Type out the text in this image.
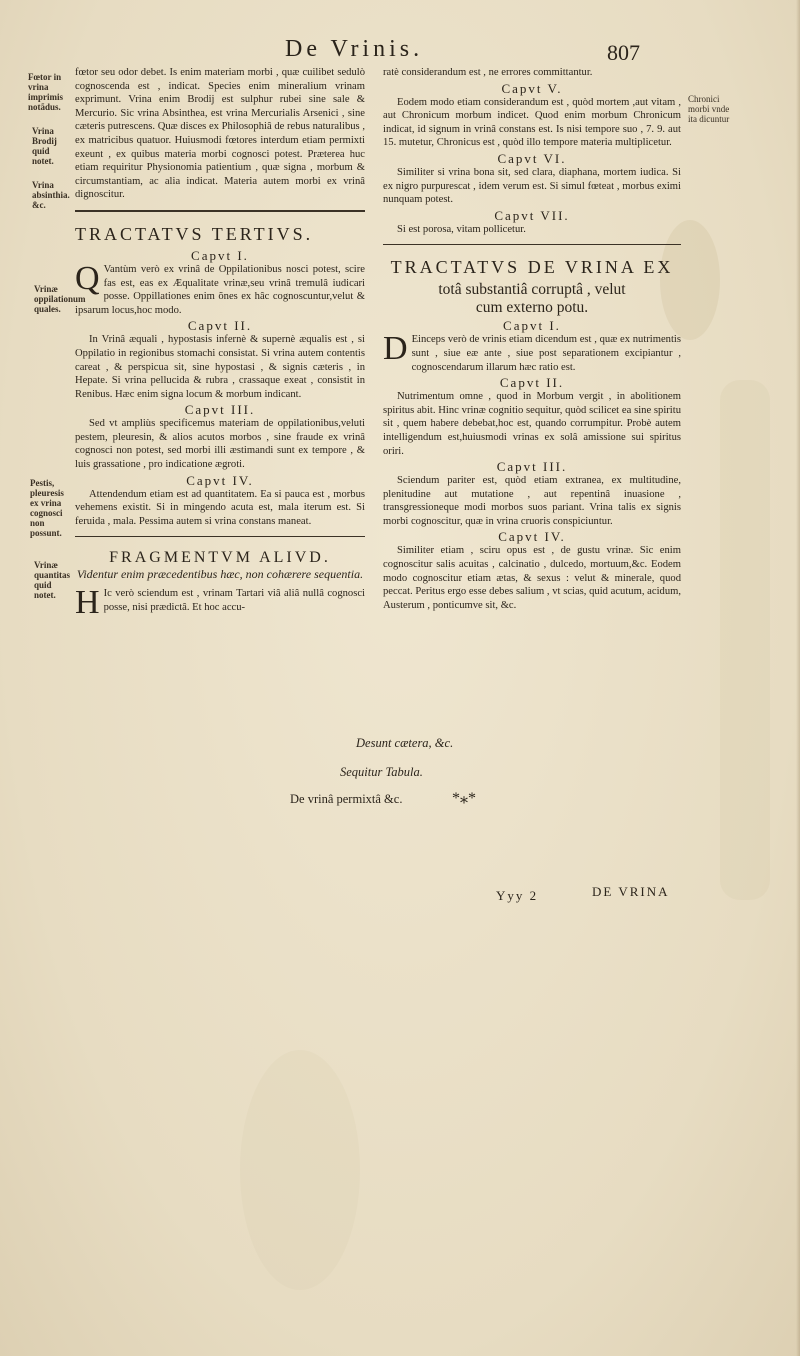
De Vrinis.	807
Fœtor in vrina imprimis notãdus.
Vrina Brodij quid notet.
Vrina absinthia. &c.
Vrinæ oppilationum quales.
Pestis, pleuresis ex vrina cognosci non possunt.
Vrinæ quantitas quid notet.
Chronici morbi vnde ita dicuntur

fœtor seu odor debet. Is enim materiam morbi , quæ cuilibet sedulò cognoscenda est , indicat. Species enim mineralium vrinam exprimunt. Vrina enim Brodij est sulphur rubei sine sale & Mercurio. Sic vrina Absinthea, est vrina Mercurialis Arsenici , sine cæteris putrescens. Quæ disces ex Philosophiâ de rebus naturalibus , ex matricibus quatuor. Huiusmodi fœtores interdum etiam permixti exeunt , ex quibus materia morbi cognosci potest. Præterea huc etiam requiritur Physionomia patientium , quæ signa , morbum & circumstantiam, ac alia indicat. Materia autem morbi ex vrinâ dignoscitur.

TRACTATVS TERTIVS.
Capvt I.

Q Vantùm verò ex vrinâ de Oppilationibus nosci potest, scire fas est, eas ex Æqualitate vrinæ,seu vrinâ tremulâ iudicari posse. Oppillationes enim õnes ex hâc cognoscuntur,velut & ipsarum locus,hoc modo.

Capvt II.

In Vrinâ æquali , hypostasis infernè & supernè æqualis est , si Oppilatio in regionibus stomachi consistat. Si vrina autem contentis careat , & perspicua sit, sine hypostasi , & signis cæteris , in Hepate. Si vrina pellucida & rubra , crassaque exeat , consistit in Renibus. Hæc enim signa locum & morbum indicant.

Capvt III.

Sed vt ampliùs specificemus materiam de oppilationibus,veluti pestem, pleuresin, & alios acutos morbos , sine fraude ex vrinâ cognosci non potest, sed morbi illi æstimandi sunt ex tempore , & luis grassatione , pro indicatione ægroti.

Capvt IV.

Attendendum etiam est ad quantitatem. Ea si pauca est , morbus vehemens existit. Si in mingendo acuta est, mala iterum est. Si feruida , mala. Pessima autem si vrina constans maneat.

FRAGMENTVM ALIVD.
Videntur enim præcedentibus hæc, non cohærere sequentia.

H Ic verò sciendum est , vrinam Tartari viâ aliâ nullâ cognosci posse, nisi prædictâ. Et hoc accu-

ratè considerandum est , ne errores committantur.

Capvt V.

Eodem modo etiam considerandum est , quòd mortem ,aut vitam , aut Chronicum morbum indicet. Quod enim morbum Chronicum indicat, id signum in vrinâ constans est. Is nisi tempore suo , 7. 9. aut 15. mutetur, Chronicus est , quòd illo tempore materia multiplicetur.

Capvt VI.

Similiter si vrina bona sit, sed clara, diaphana, mortem iudica. Si ex nigro purpurescat , idem verum est. Si simul fœteat , morbus eximi nunquam potest.

Capvt VII.

Si est porosa, vitam pollicetur.

TRACTATVS DE VRINA EX
totâ substantiâ corruptâ , velut
cum externo potu.
Capvt I.

D Einceps verò de vrinis etiam dicendum est , quæ ex nutrimentis sunt , siue eæ ante , siue post separationem excipiantur , cognoscendarum illarum hæc ratio est.

Capvt II.

Nutrimentum omne , quod in Morbum vergit , in abolitionem spiritus abit. Hinc vrinæ cognitio sequitur, quòd scilicet ea sine spiritu sit , quem habere debebat,hoc est, quando corrumpitur. Probè autem intelligendum est,huiusmodi vrinas ex solâ amissione sui spiritus oriri.

Capvt III.

Sciendum pariter est, quòd etiam extranea, ex multitudine, plenitudine aut mutatione , aut repentinâ inuasione , transgressioneque modi morbos suos pariant. Vrina talis ex signis morbi cognoscitur, quæ in vrina cruoris conspiciuntur.

Capvt IV.

Similiter etiam , sciru opus est , de gustu vrinæ. Sic enim cognoscitur salis acuitas , calcinatio , dulcedo, mortuum,&c. Eodem modo cognoscitur etiam ætas, & sexus : velut & minerale, quod peccat. Peritus ergo esse debes salium , vt scias, quid acutum, acidum, Austerum , ponticumve sit, &c.

Desunt cætera, &c.
Sequitur Tabula.
De vrinâ permixtâ &c.	*⁎*
Yyy 2	DE VRINA
